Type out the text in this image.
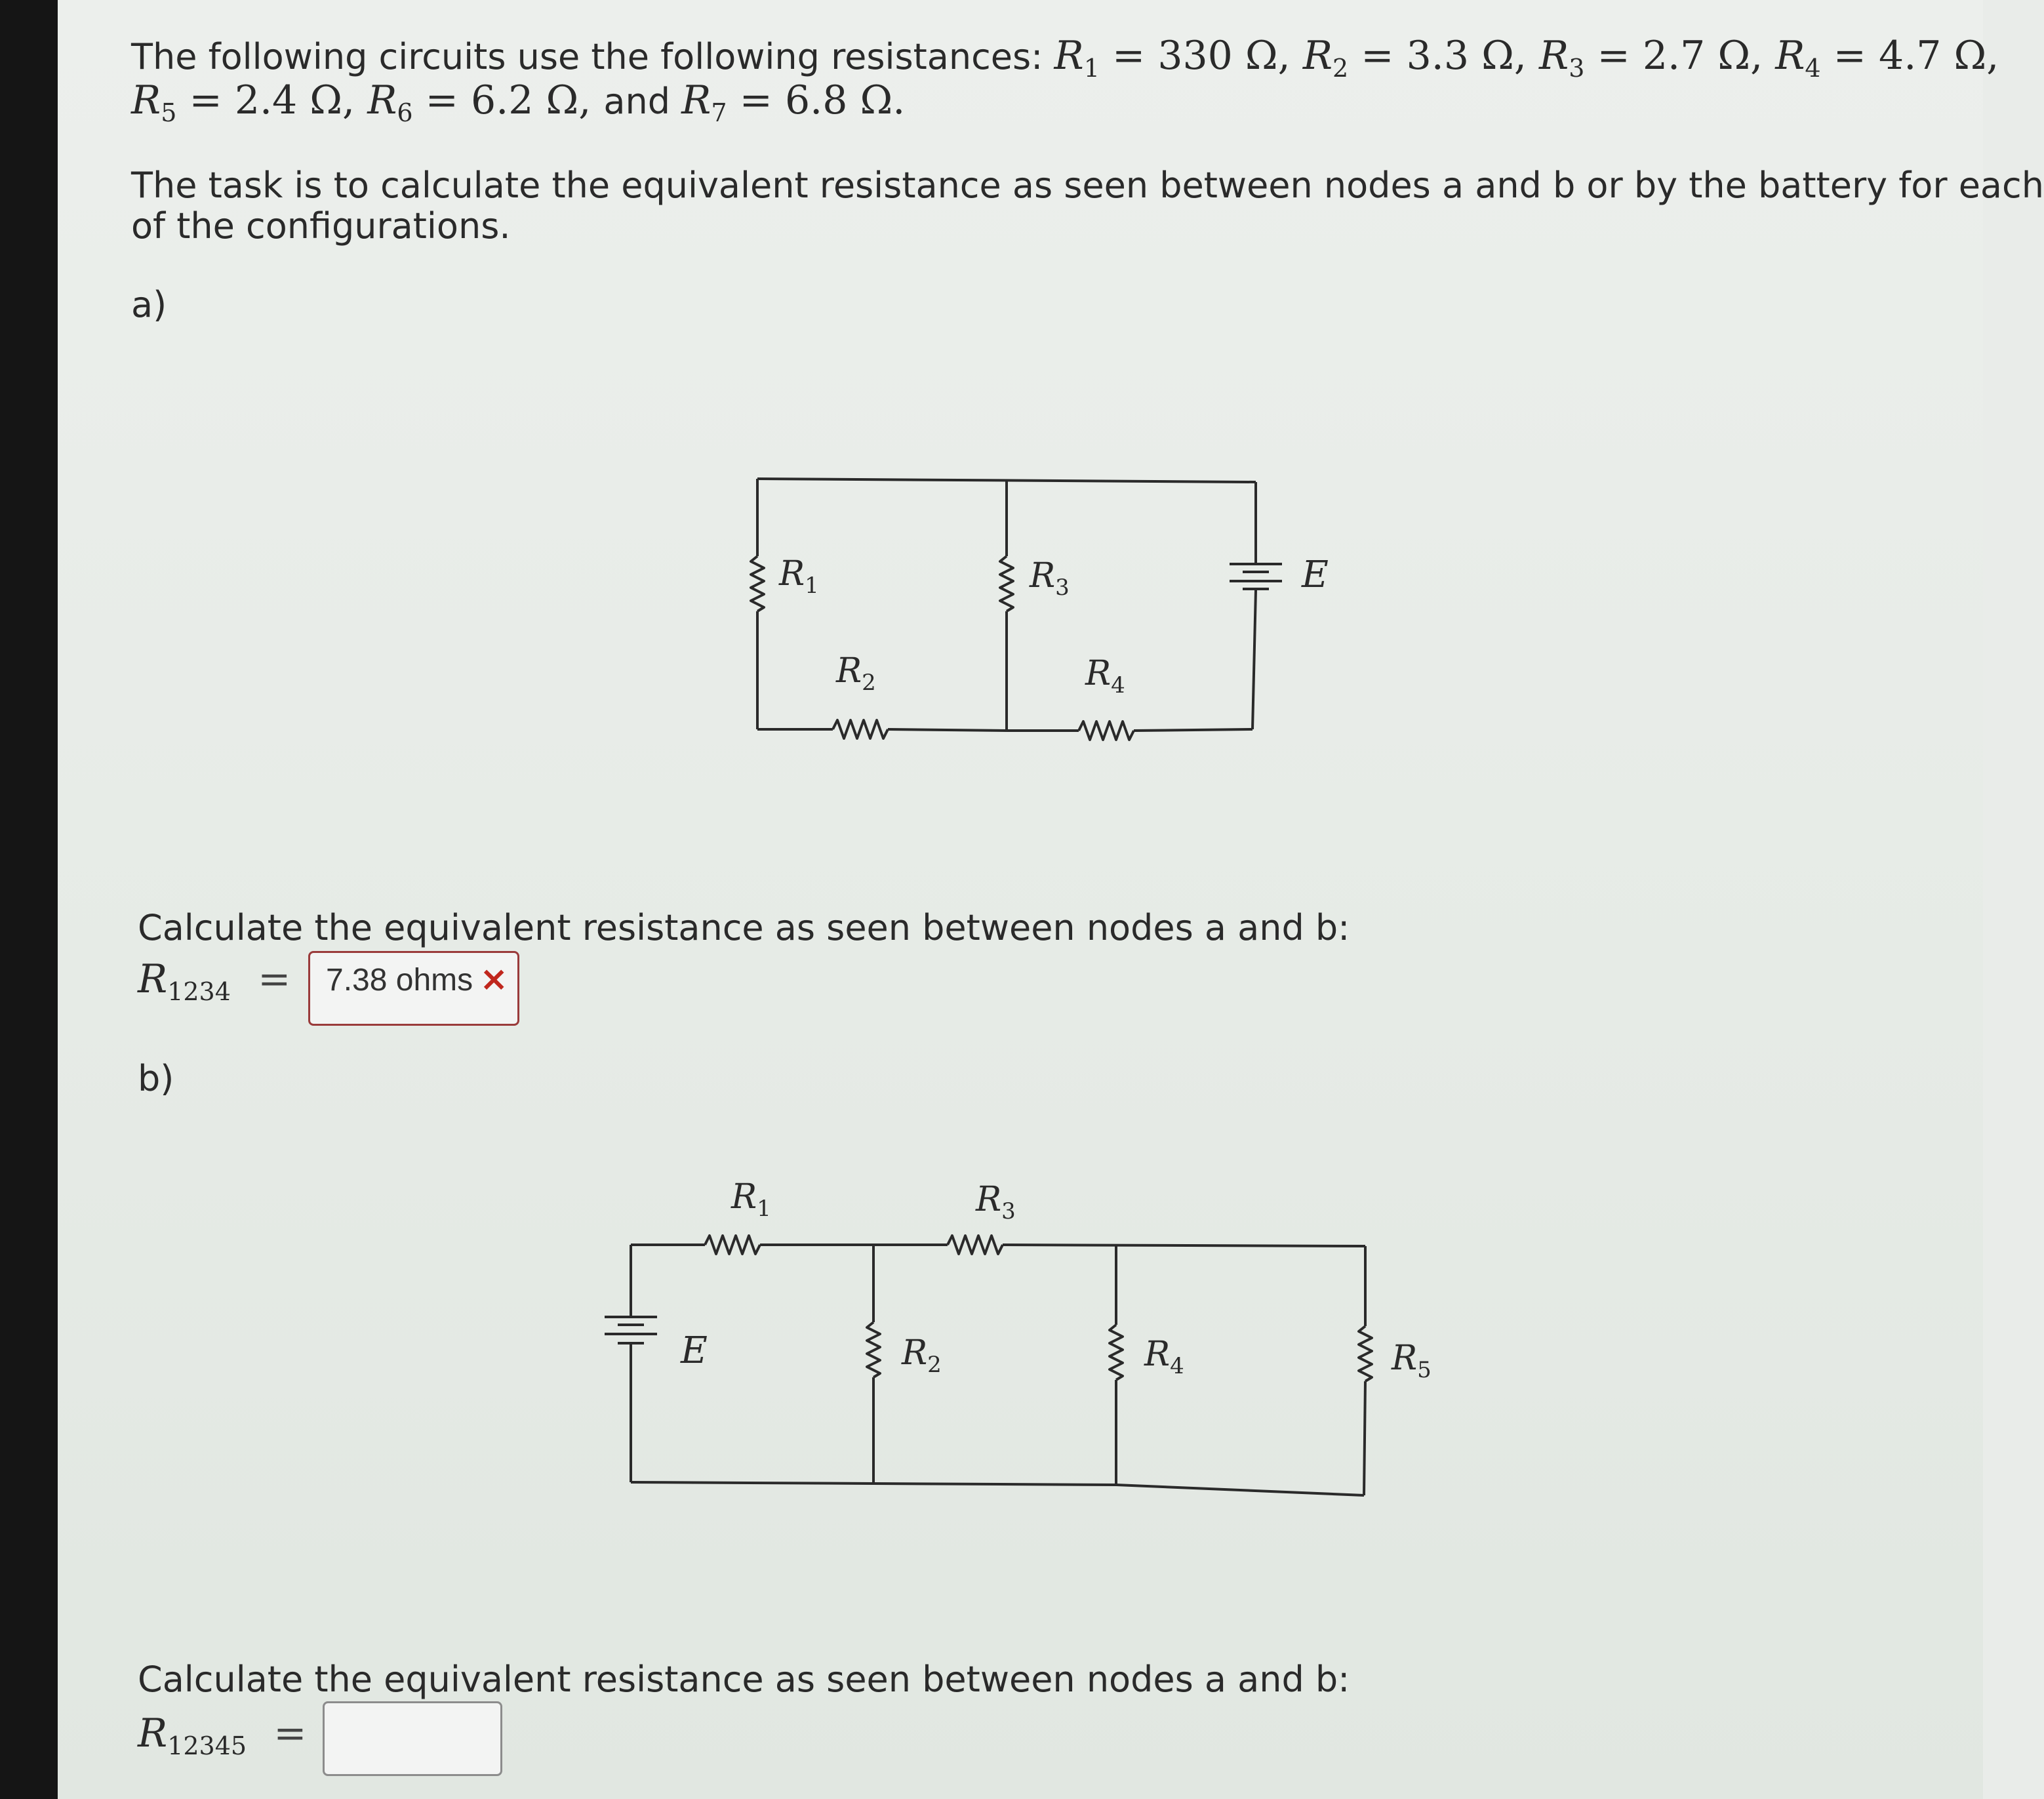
The following circuits use the following resistances: $R_1 = 330$ Ω, $R_2 = 3.3$ Ω, $R_3 = 2.7$ Ω, $R_4 = 4.7$ Ω,
$R_5 = 2.4$ Ω, $R_6 = 6.2$ Ω, and $R_7 = 6.8$ Ω.
The task is to calculate the equivalent resistance as seen between nodes a and b or by the battery for each
of the configurations.
a)
$R_1$
$R_2$
$R_3$
$R_4$
E
Calculate the equivalent resistance as seen between nodes a and b:
$R_{1234} = 7.38$ ohms ×
b)
$R_1$	$R_3$
E	$R_2$	$R_4$	$R_5$
Calculate the equivalent resistance as seen between nodes a and b:
$R_{12345}$ =
